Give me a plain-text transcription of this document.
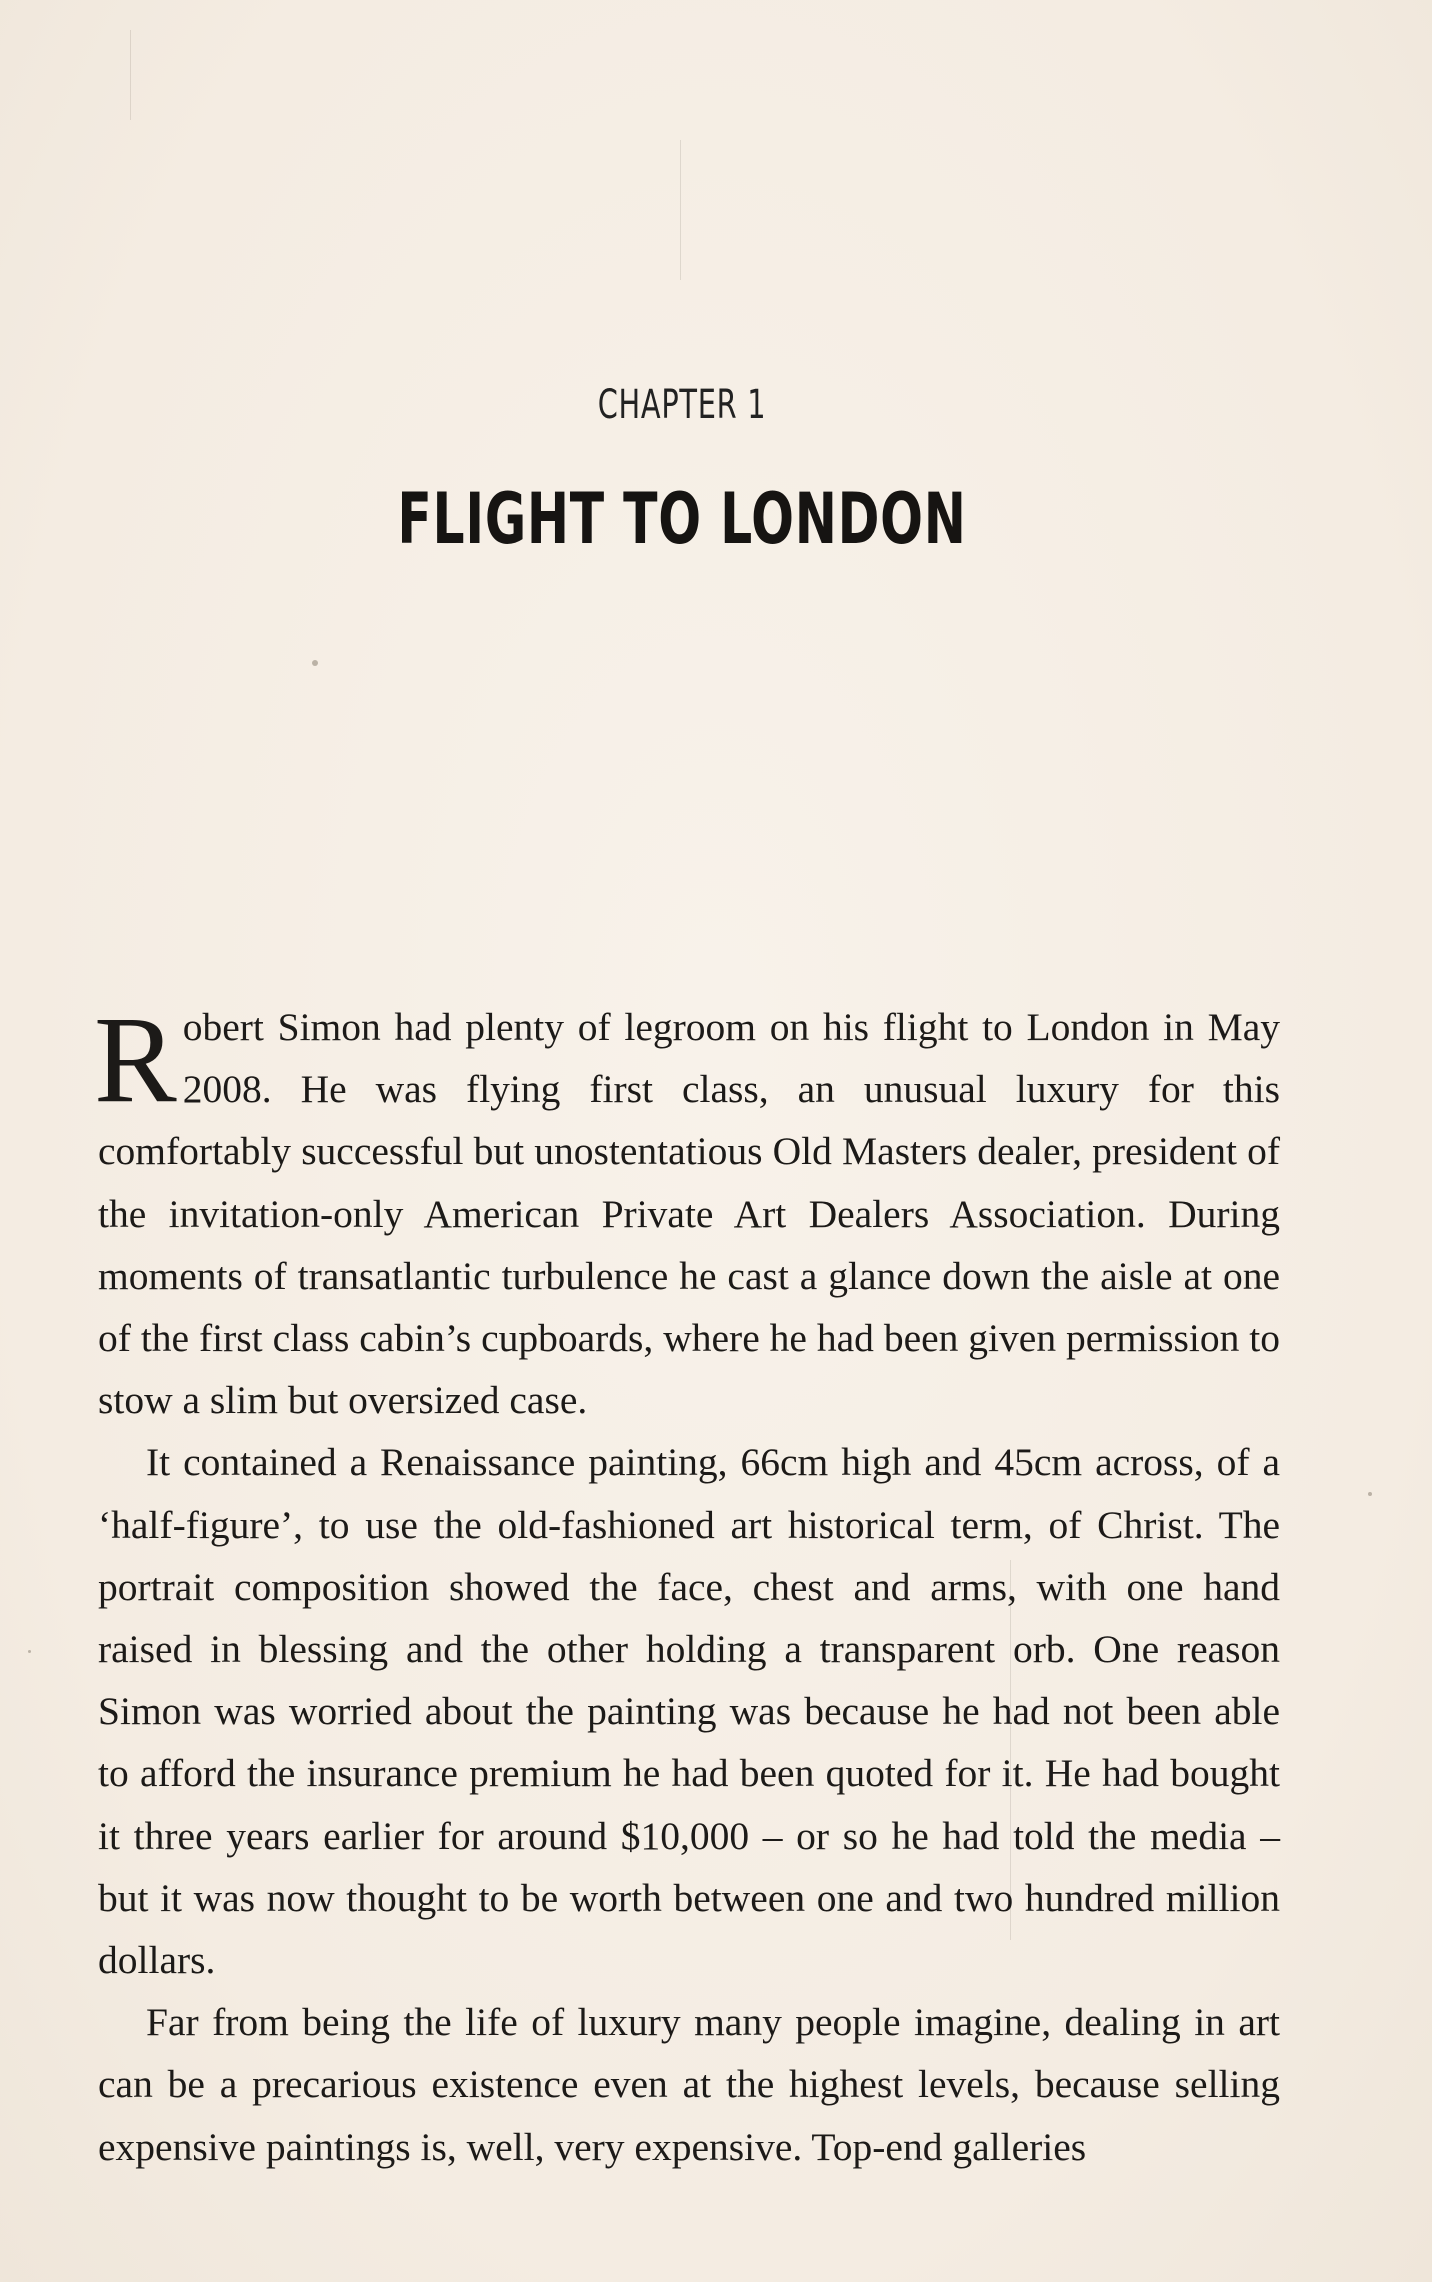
CHAPTER 1
FLIGHT TO LONDON

Robert Simon had plenty of legroom on his flight to London in May 2008. He was flying first class, an unusual luxury for this comfortably successful but unostentatious Old Masters dealer, president of the invitation-only American Private Art Dealers Association. During moments of transatlantic turbulence he cast a glance down the aisle at one of the first class cabin’s cupboards, where he had been given permission to stow a slim but oversized case.

It contained a Renaissance painting, 66cm high and 45cm across, of a ‘half-figure’, to use the old-fashioned art historical term, of Christ. The portrait composition showed the face, chest and arms, with one hand raised in blessing and the other holding a transparent orb. One reason Simon was worried about the painting was because he had not been able to afford the insurance premium he had been quoted for it. He had bought it three years earlier for around $10,000 – or so he had told the media – but it was now thought to be worth between one and two hundred million dollars.

Far from being the life of luxury many people imagine, dealing in art can be a precarious existence even at the highest levels, because selling expensive paintings is, well, very expensive. Top-end galleries
